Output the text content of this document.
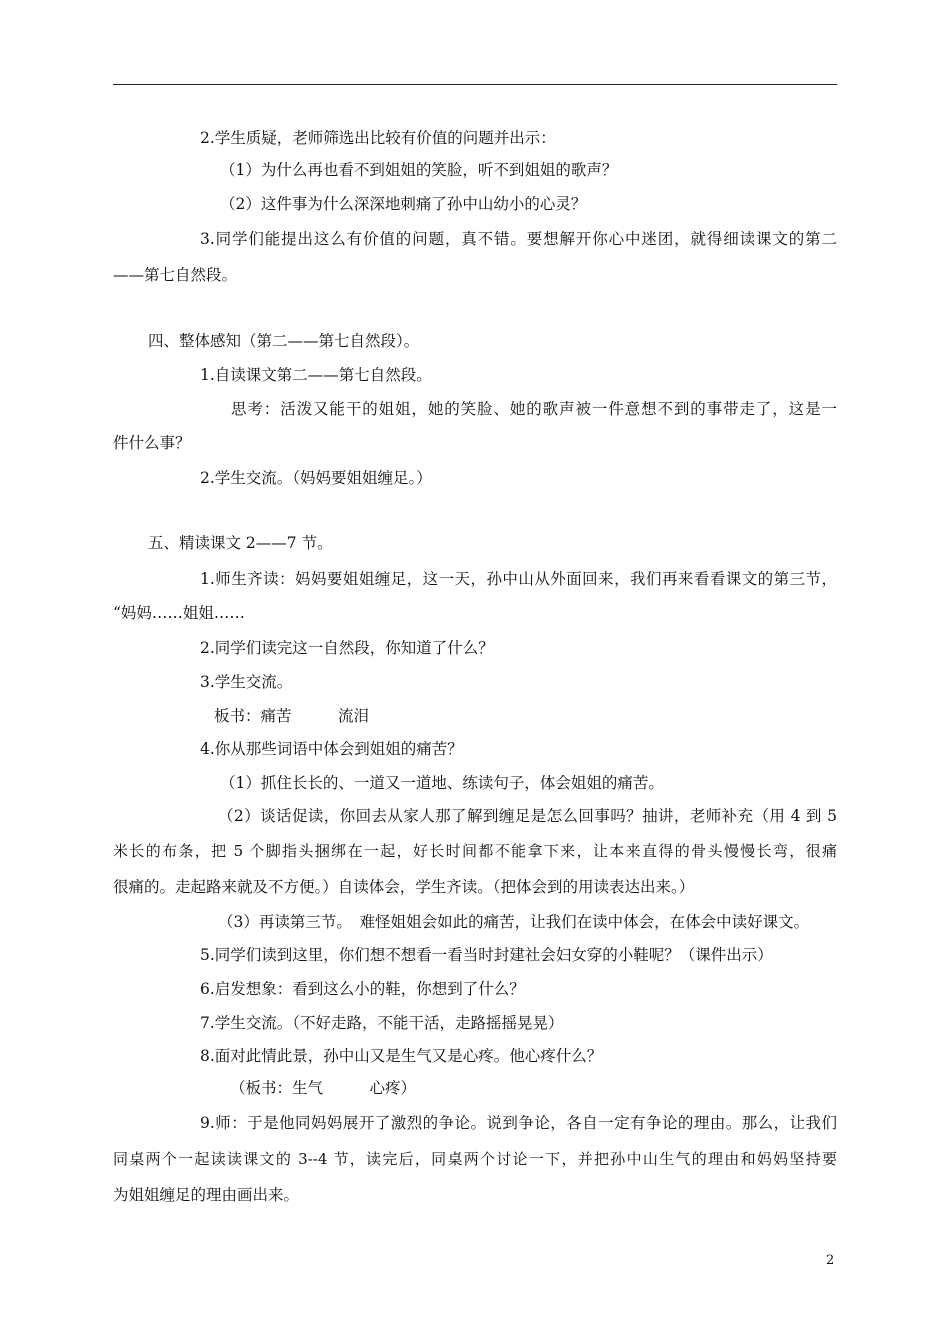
2.学生质疑，老师筛选出比较有价值的问题并出示：
（1）为什么再也看不到姐姐的笑脸，听不到姐姐的歌声？
（2）这件事为什么深深地刺痛了孙中山幼小的心灵？
3.同学们能提出这么有价值的问题，真不错。要想解开你心中迷团，就得细读课文的第二
——第七自然段。
四、整体感知（第二——第七自然段）。
1.自读课文第二——第七自然段。
思考：活泼又能干的姐姐，她的笑脸、她的歌声被一件意想不到的事带走了，这是一
件什么事？
2.学生交流。（妈妈要姐姐缠足。）
五、精读课文 2——7 节。
1.师生齐读：妈妈要姐姐缠足，这一天，孙中山从外面回来，我们再来看看课文的第三节，
“妈妈……姐姐……
2.同学们读完这一自然段，你知道了什么？
3.学生交流。
板书：痛苦　　　流泪
4.你从那些词语中体会到姐姐的痛苦？
（1）抓住长长的、一道又一道地、练读句子，体会姐姐的痛苦。
（2）谈话促读，你回去从家人那了解到缠足是怎么回事吗？抽讲，老师补充（用 4 到 5
米长的布条，把 5 个脚指头捆绑在一起，好长时间都不能拿下来，让本来直得的骨头慢慢长弯，很痛
很痛的。走起路来就及不方便。）自读体会，学生齐读。（把体会到的用读表达出来。）
（3）再读第三节。　难怪姐姐会如此的痛苦，让我们在读中体会，在体会中读好课文。
5.同学们读到这里，你们想不想看一看当时封建社会妇女穿的小鞋呢？（课件出示）
6.启发想象：看到这么小的鞋，你想到了什么？
7.学生交流。（不好走路，不能干活，走路摇摇晃晃）
8.面对此情此景，孙中山又是生气又是心疼。他心疼什么？
（板书：生气　　　心疼）
9.师：于是他同妈妈展开了激烈的争论。说到争论，各自一定有争论的理由。那么，让我们
同桌两个一起读读课文的 3--4 节，读完后，同桌两个讨论一下，并把孙中山生气的理由和妈妈坚持要
为姐姐缠足的理由画出来。
2
